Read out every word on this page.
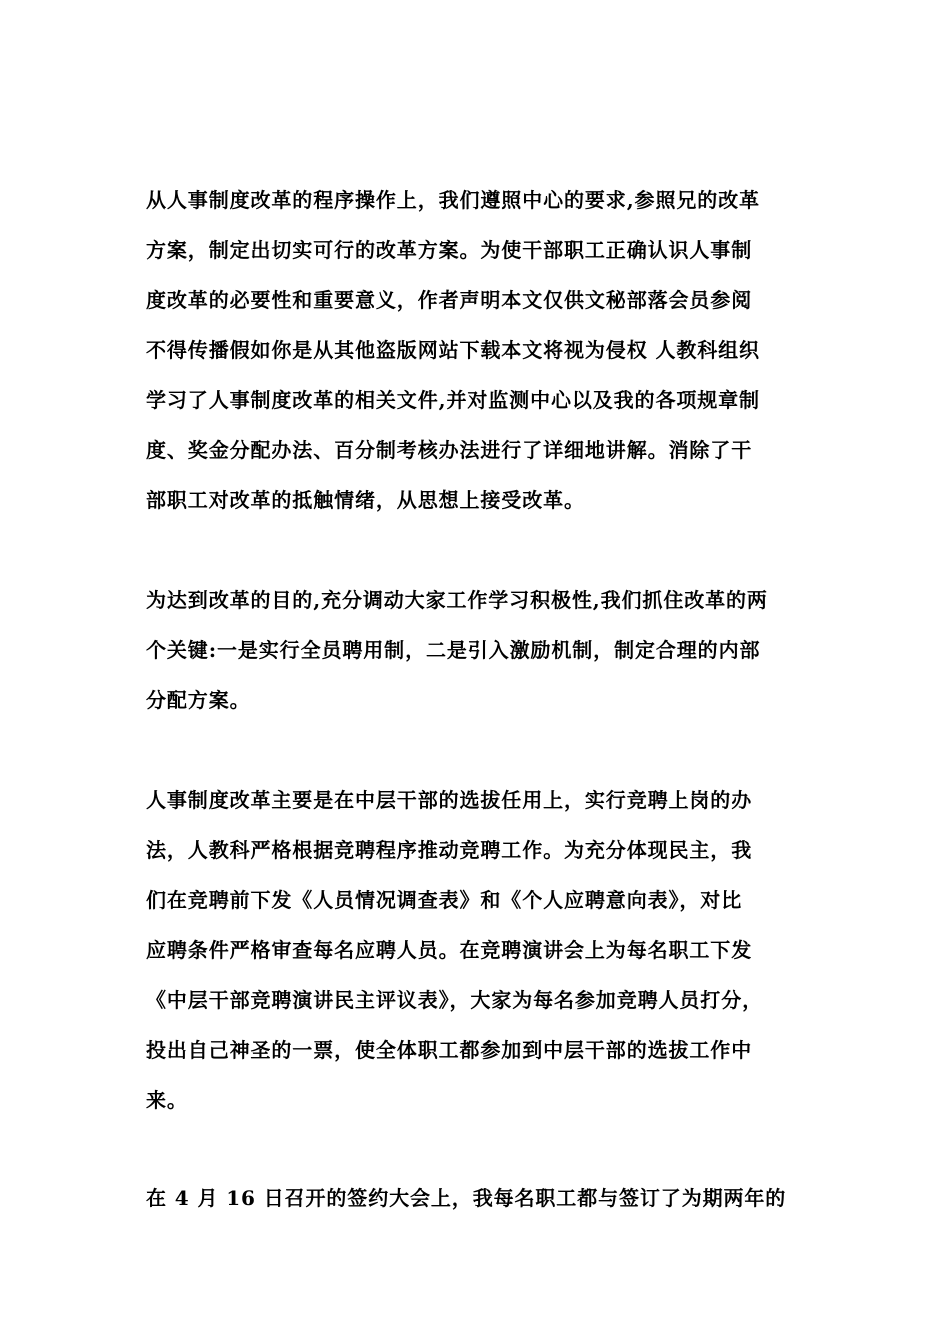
从人事制度改革的程序操作上，我们遵照中心的要求,参照兄的改革
方案，制定出切实可行的改革方案。为使干部职工正确认识人事制
度改革的必要性和重要意义，作者声明本文仅供文秘部落会员参阅
不得传播假如你是从其他盗版网站下载本文将视为侵权 人教科组织
学习了人事制度改革的相关文件,并对监测中心以及我的各项规章制
度、奖金分配办法、百分制考核办法进行了详细地讲解。消除了干
部职工对改革的抵触情绪，从思想上接受改革。
为达到改革的目的,充分调动大家工作学习积极性,我们抓住改革的两
个关键:一是实行全员聘用制，二是引入激励机制，制定合理的内部
分配方案。
人事制度改革主要是在中层干部的选拔任用上，实行竞聘上岗的办
法，人教科严格根据竞聘程序推动竞聘工作。为充分体现民主，我
们在竞聘前下发《人员情况调查表》和《个人应聘意向表》，对比
应聘条件严格审查每名应聘人员。在竞聘演讲会上为每名职工下发
《中层干部竞聘演讲民主评议表》，大家为每名参加竞聘人员打分，
投出自己神圣的一票，使全体职工都参加到中层干部的选拔工作中
来。
在 4 月 16 日召开的签约大会上，我每名职工都与签订了为期两年的
